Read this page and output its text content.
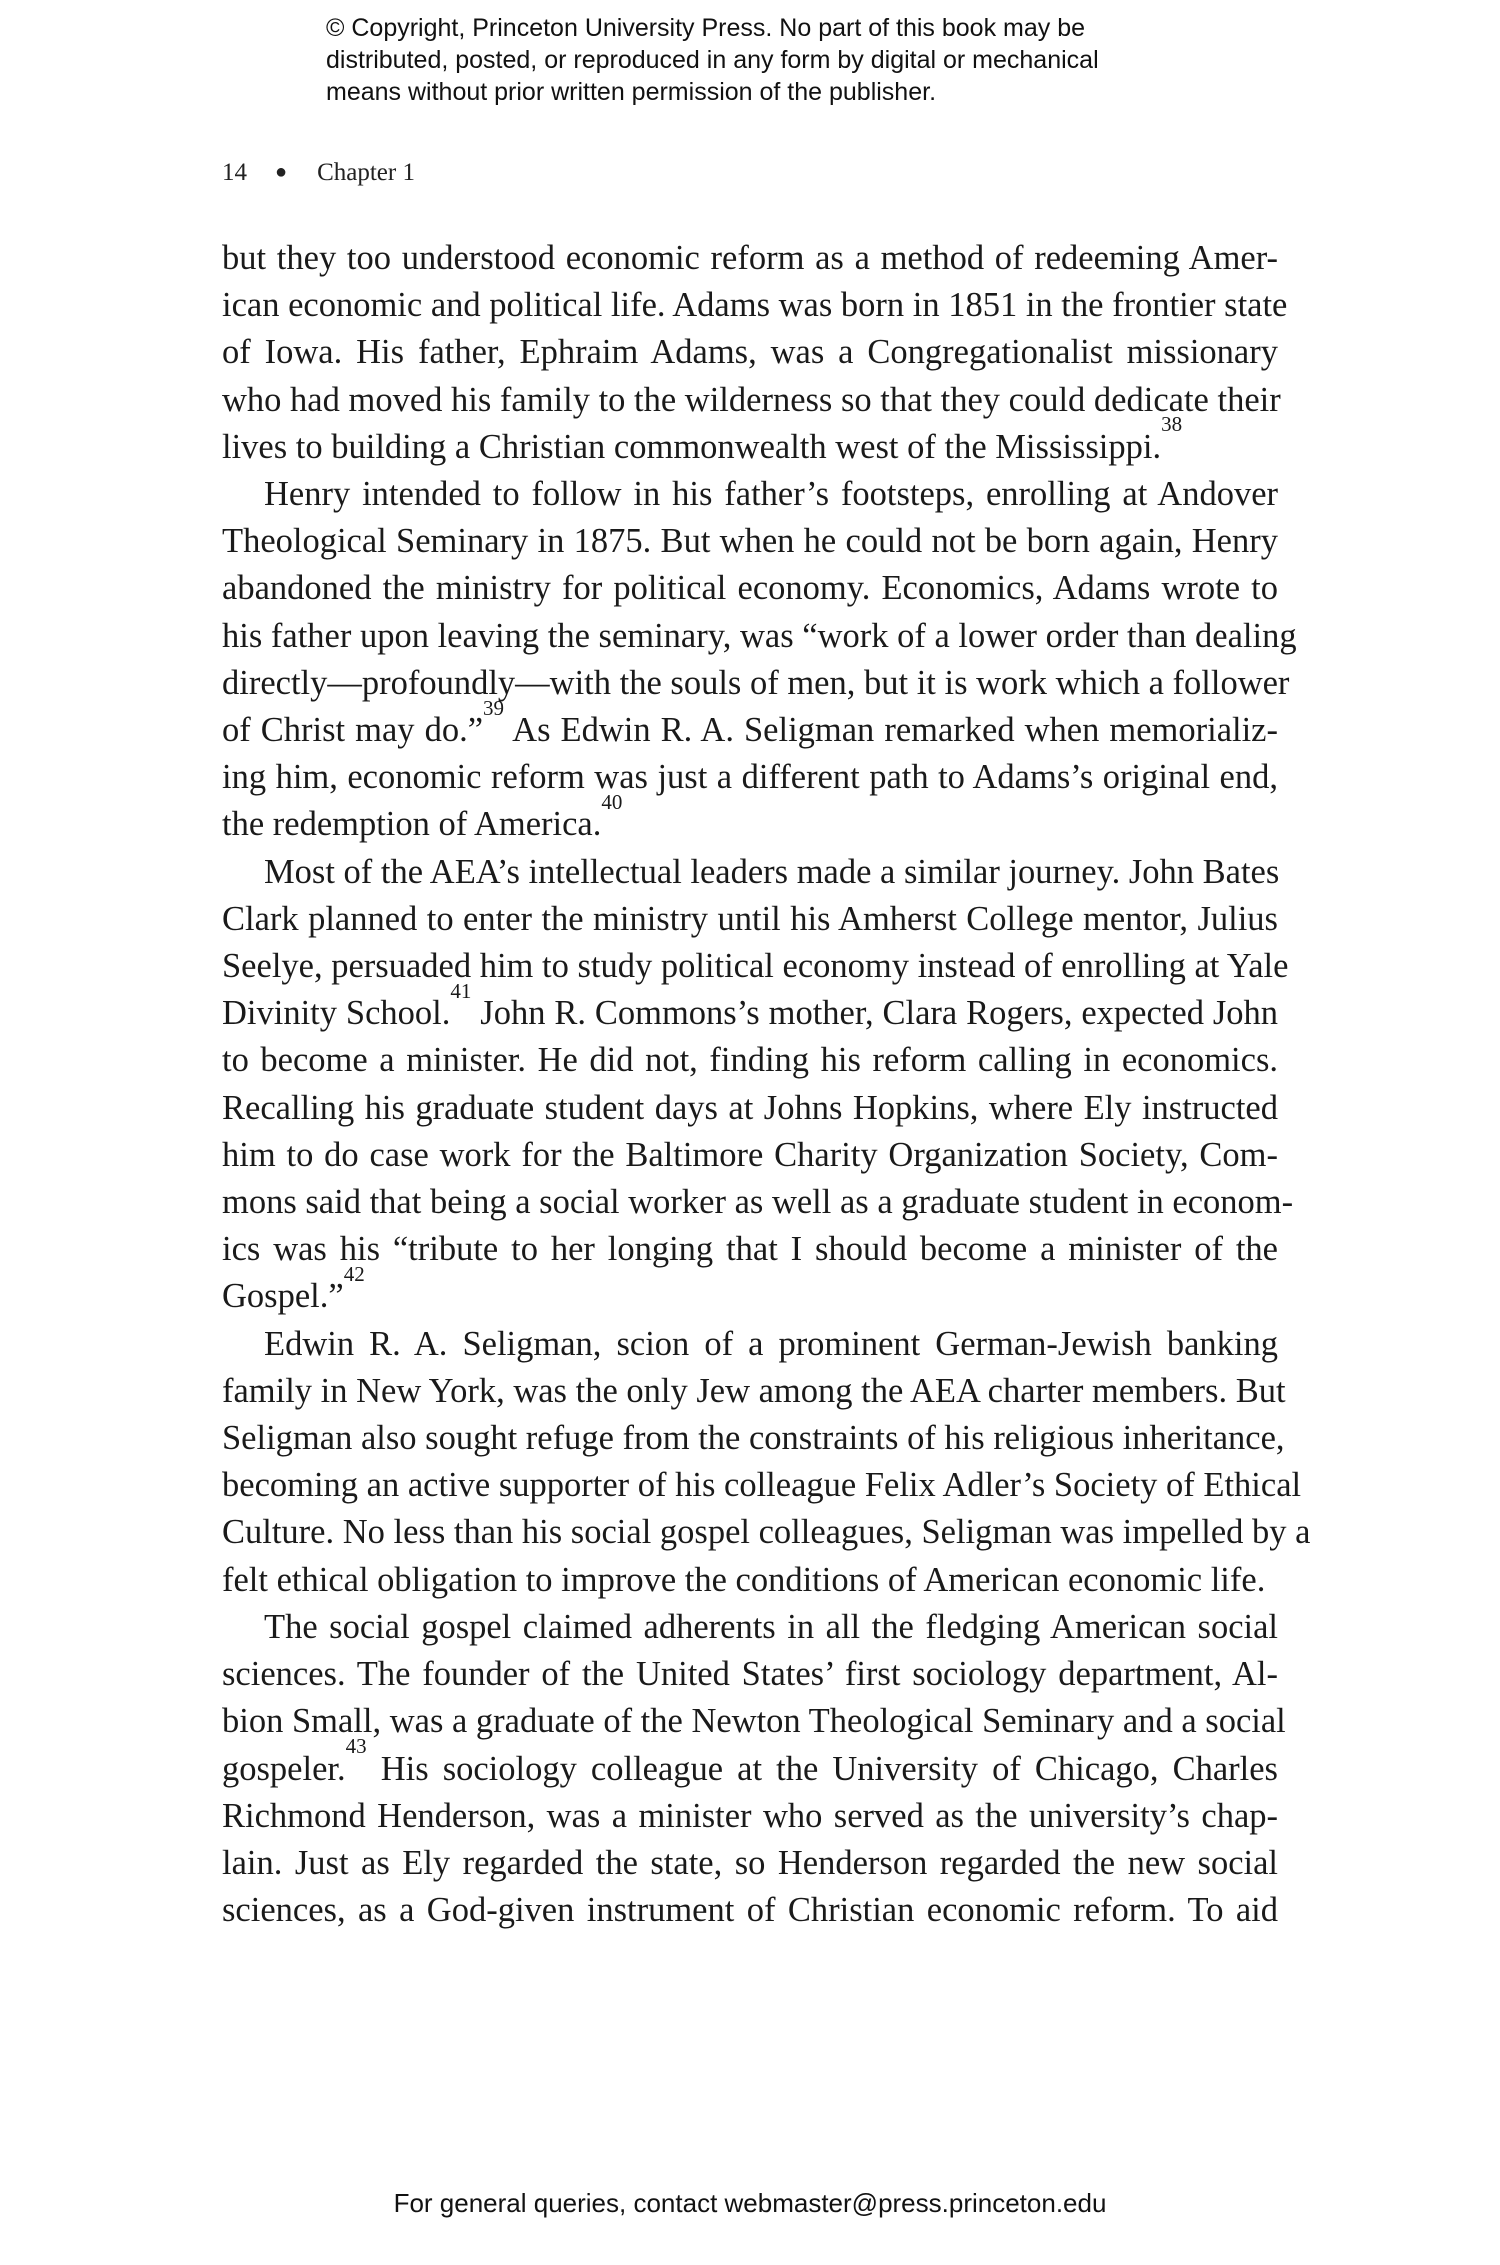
© Copyright, Princeton University Press. No part of this book may be

distributed, posted, or reproduced in any form by digital or mechanical

means without prior written permission of the publisher.

14 ● Chapter 1

but they too understood economic reform as a method of redeeming Amer-
ican economic and political life. Adams was born in 1851 in the frontier state
of Iowa. His father, Ephraim Adams, was a Congregationalist missionary
who had moved his family to the wilderness so that they could dedicate their
lives to building a Christian commonwealth west of the Mississippi.$^{38}$

Henry intended to follow in his father’s footsteps, enrolling at Andover
Theological Seminary in 1875. But when he could not be born again, Henry
abandoned the ministry for political economy. Economics, Adams wrote to
his father upon leaving the seminary, was “work of a lower order than dealing
directly—profoundly—with the souls of men, but it is work which a follower
of Christ may do.”$^{39}$ As Edwin R. A. Seligman remarked when memorializ-
ing him, economic reform was just a different path to Adams’s original end,
the redemption of America.$^{40}$

Most of the AEA’s intellectual leaders made a similar journey. John Bates
Clark planned to enter the ministry until his Amherst College mentor, Julius
Seelye, persuaded him to study political economy instead of enrolling at Yale
Divinity School.$^{41}$ John R. Commons’s mother, Clara Rogers, expected John
to become a minister. He did not, finding his reform calling in economics.
Recalling his graduate student days at Johns Hopkins, where Ely instructed
him to do case work for the Baltimore Charity Organization Society, Com-
mons said that being a social worker as well as a graduate student in econom-
ics was his “tribute to her longing that I should become a minister of the
Gospel.”$^{42}$

Edwin R. A. Seligman, scion of a prominent German-Jewish banking
family in New York, was the only Jew among the AEA charter members. But
Seligman also sought refuge from the constraints of his religious inheritance,
becoming an active supporter of his colleague Felix Adler’s Society of Ethical
Culture. No less than his social gospel colleagues, Seligman was impelled by a
felt ethical obligation to improve the conditions of American economic life.

The social gospel claimed adherents in all the fledging American social
sciences. The founder of the United States’ first sociology department, Al-
bion Small, was a graduate of the Newton Theological Seminary and a social
gospeler.$^{43}$ His sociology colleague at the University of Chicago, Charles
Richmond Henderson, was a minister who served as the university’s chap-
lain. Just as Ely regarded the state, so Henderson regarded the new social
sciences, as a God-given instrument of Christian economic reform. To aid

For general queries, contact webmaster@press.princeton.edu
